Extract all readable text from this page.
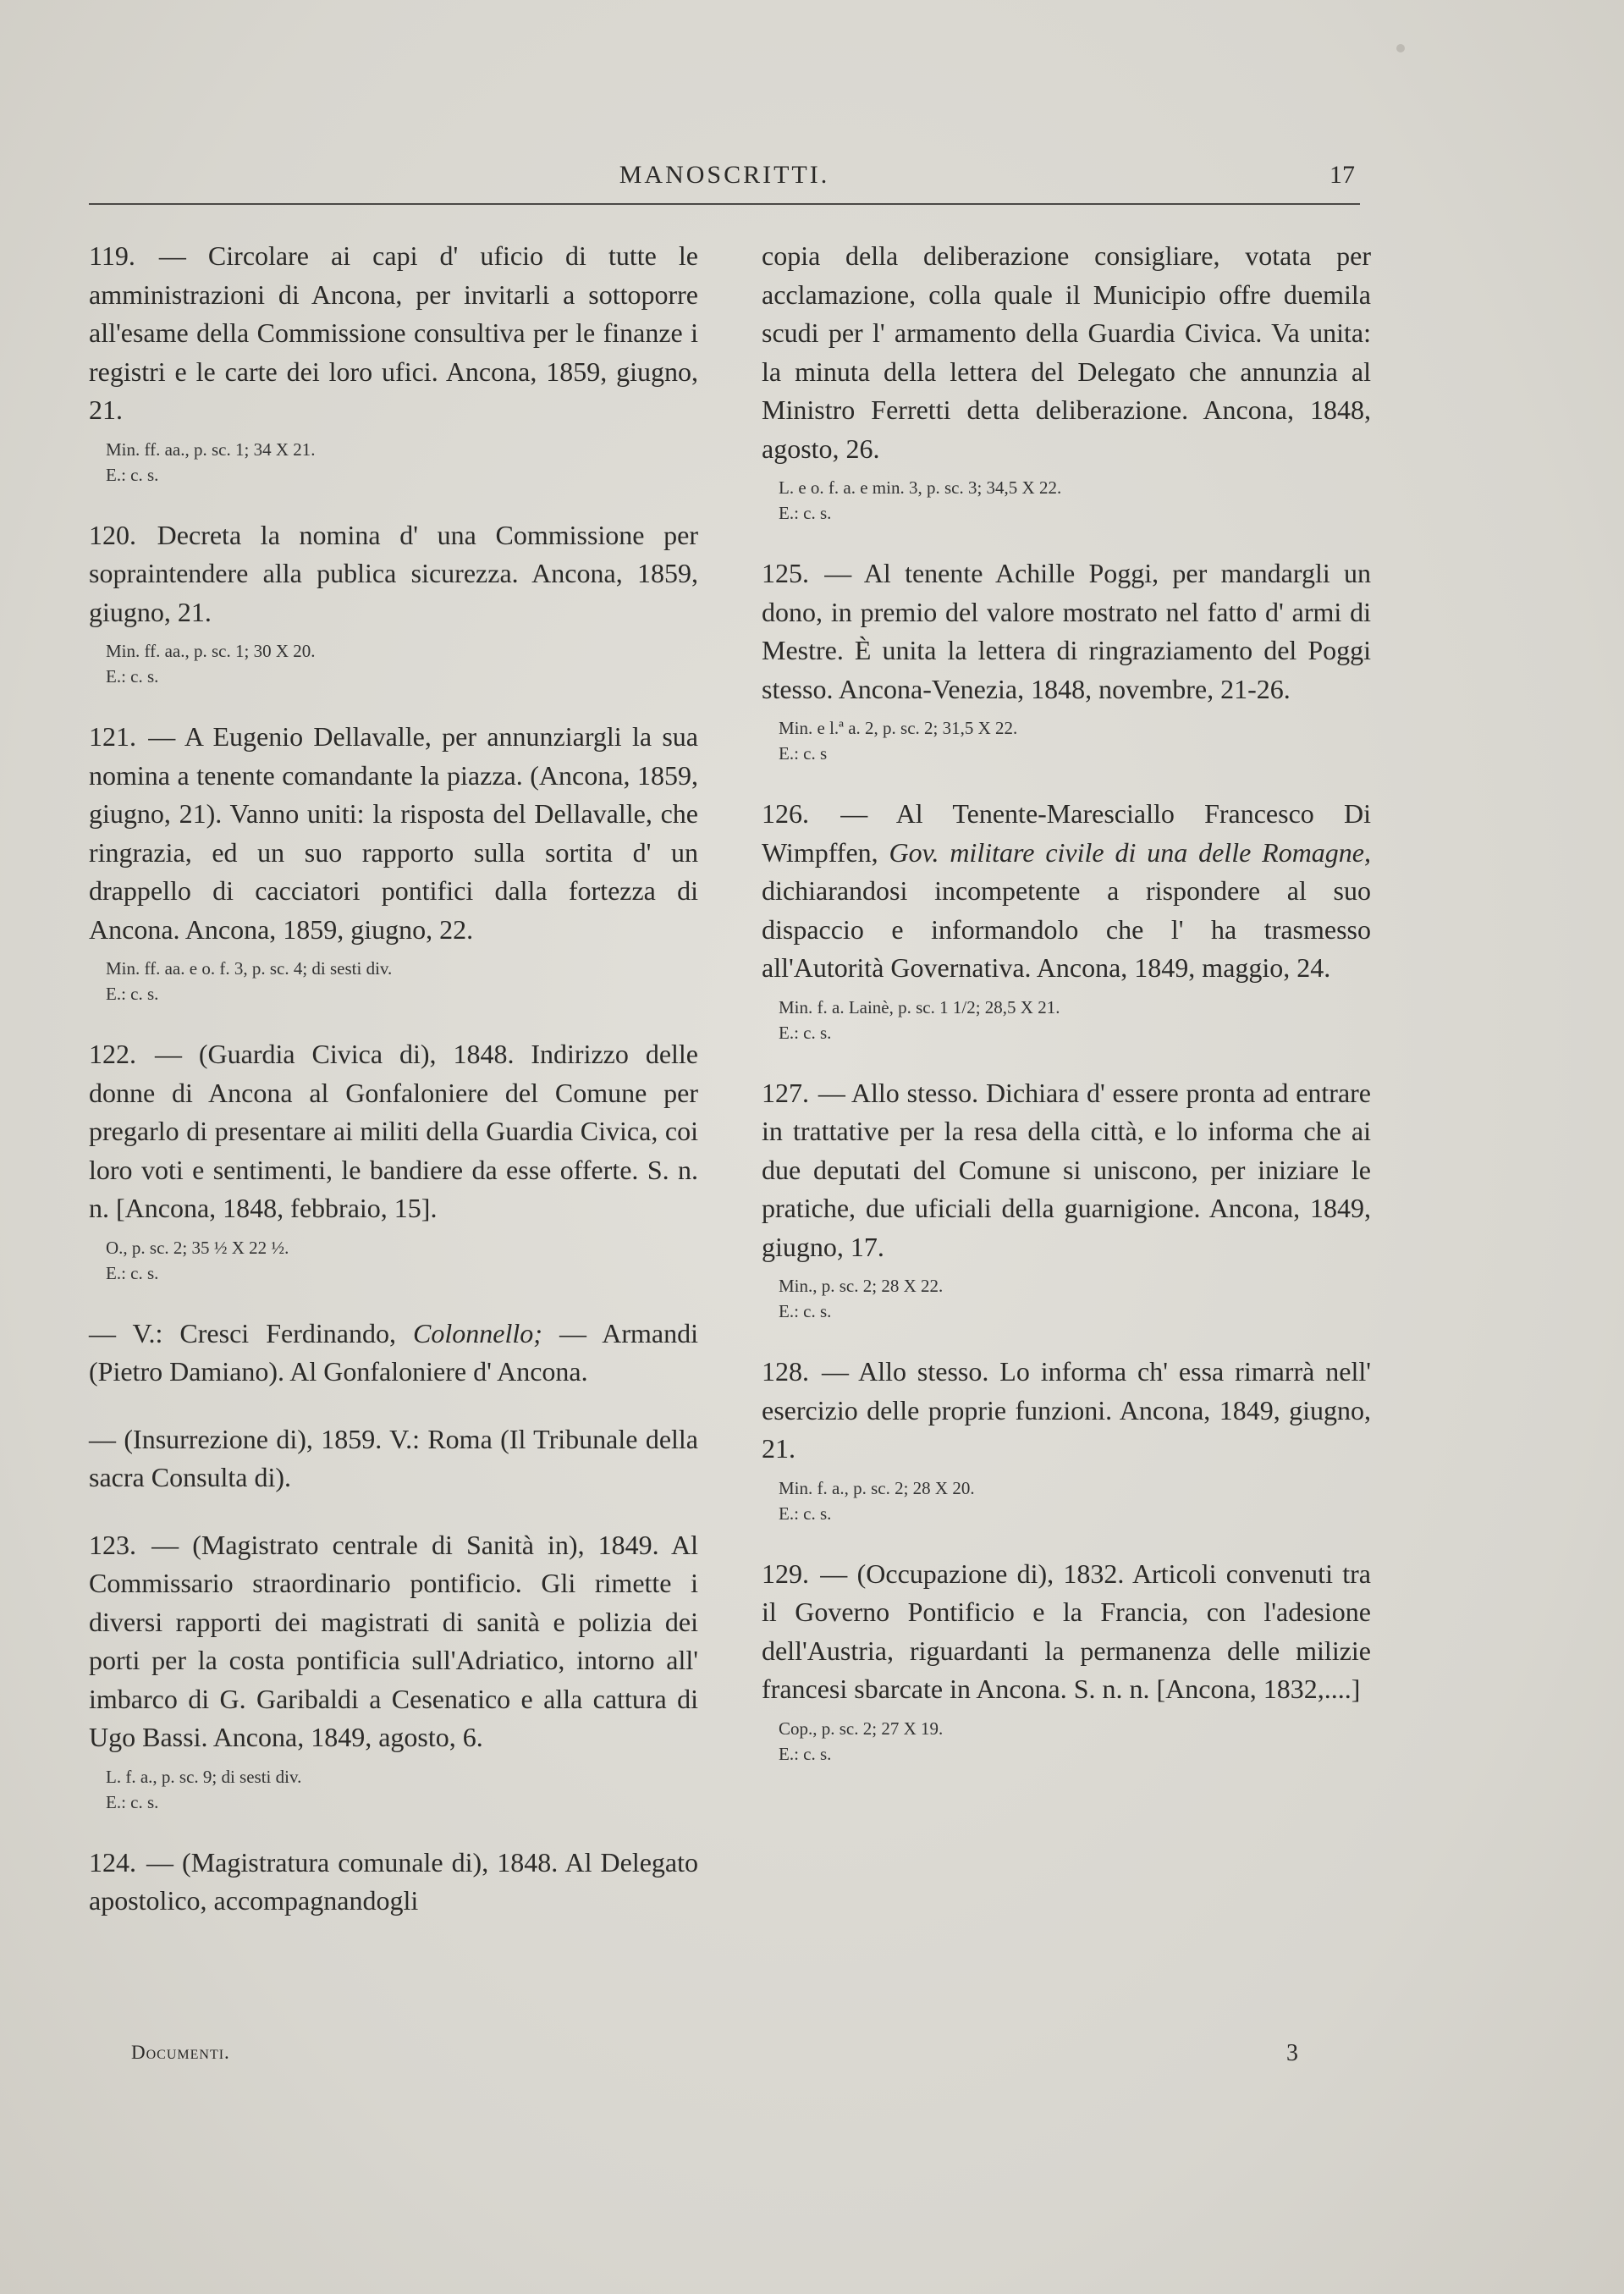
MANOSCRITTI.	17

119. — Circolare ai capi d' uficio di tutte le amministrazioni di Ancona, per invitarli a sottoporre all'esame della Commissione consultiva per le finanze i registri e le carte dei loro ufici. Ancona, 1859, giugno, 21.

Min. ff. aa., p. sc. 1; 34 X 21.
E.: c. s.

120. Decreta la nomina d' una Commissione per sopraintendere alla publica sicurezza. Ancona, 1859, giugno, 21.

Min. ff. aa., p. sc. 1; 30 X 20.
E.: c. s.

121. — A Eugenio Dellavalle, per annunziargli la sua nomina a tenente comandante la piazza. (Ancona, 1859, giugno, 21). Vanno uniti: la risposta del Dellavalle, che ringrazia, ed un suo rapporto sulla sortita d' un drappello di cacciatori pontifici dalla fortezza di Ancona. Ancona, 1859, giugno, 22.

Min. ff. aa. e o. f. 3, p. sc. 4; di sesti div.
E.: c. s.

122. — (Guardia Civica di), 1848. Indirizzo delle donne di Ancona al Gonfaloniere del Comune per pregarlo di presentare ai militi della Guardia Civica, coi loro voti e sentimenti, le bandiere da esse offerte. S. n. n. [Ancona, 1848, febbraio, 15].

O., p. sc. 2; 35 ½ X 22 ½.
E.: c. s.

— V.: Cresci Ferdinando, Colonnello; — Armandi (Pietro Damiano). Al Gonfaloniere d' Ancona.

— (Insurrezione di), 1859. V.: Roma (Il Tribunale della sacra Consulta di).

123. — (Magistrato centrale di Sanità in), 1849. Al Commissario straordinario pontificio. Gli rimette i diversi rapporti dei magistrati di sanità e polizia dei porti per la costa pontificia sull'Adriatico, intorno all' imbarco di G. Garibaldi a Cesenatico e alla cattura di Ugo Bassi. Ancona, 1849, agosto, 6.

L. f. a., p. sc. 9; di sesti div.
E.: c. s.

124. — (Magistratura comunale di), 1848. Al Delegato apostolico, accompagnandogli

copia della deliberazione consigliare, votata per acclamazione, colla quale il Municipio offre duemila scudi per l' armamento della Guardia Civica. Va unita: la minuta della lettera del Delegato che annunzia al Ministro Ferretti detta deliberazione. Ancona, 1848, agosto, 26.

L. e o. f. a. e min. 3, p. sc. 3; 34,5 X 22.
E.: c. s.

125. — Al tenente Achille Poggi, per mandargli un dono, in premio del valore mostrato nel fatto d' armi di Mestre. È unita la lettera di ringraziamento del Poggi stesso. Ancona-Venezia, 1848, novembre, 21-26.

Min. e l.ª a. 2, p. sc. 2; 31,5 X 22.
E.: c. s

126. — Al Tenente-Maresciallo Francesco Di Wimpffen, Gov. militare civile di una delle Romagne, dichiarandosi incompetente a rispondere al suo dispaccio e informandolo che l' ha trasmesso all'Autorità Governativa. Ancona, 1849, maggio, 24.

Min. f. a. Lainè, p. sc. 1 1/2; 28,5 X 21.
E.: c. s.

127. — Allo stesso. Dichiara d' essere pronta ad entrare in trattative per la resa della città, e lo informa che ai due deputati del Comune si uniscono, per iniziare le pratiche, due uficiali della guarnigione. Ancona, 1849, giugno, 17.

Min., p. sc. 2; 28 X 22.
E.: c. s.

128. — Allo stesso. Lo informa ch' essa rimarrà nell' esercizio delle proprie funzioni. Ancona, 1849, giugno, 21.

Min. f. a., p. sc. 2; 28 X 20.
E.: c. s.

129. — (Occupazione di), 1832. Articoli convenuti tra il Governo Pontificio e la Francia, con l'adesione dell'Austria, riguardanti la permanenza delle milizie francesi sbarcate in Ancona. S. n. n. [Ancona, 1832,....]

Cop., p. sc. 2; 27 X 19.
E.: c. s.
Documenti.	3
